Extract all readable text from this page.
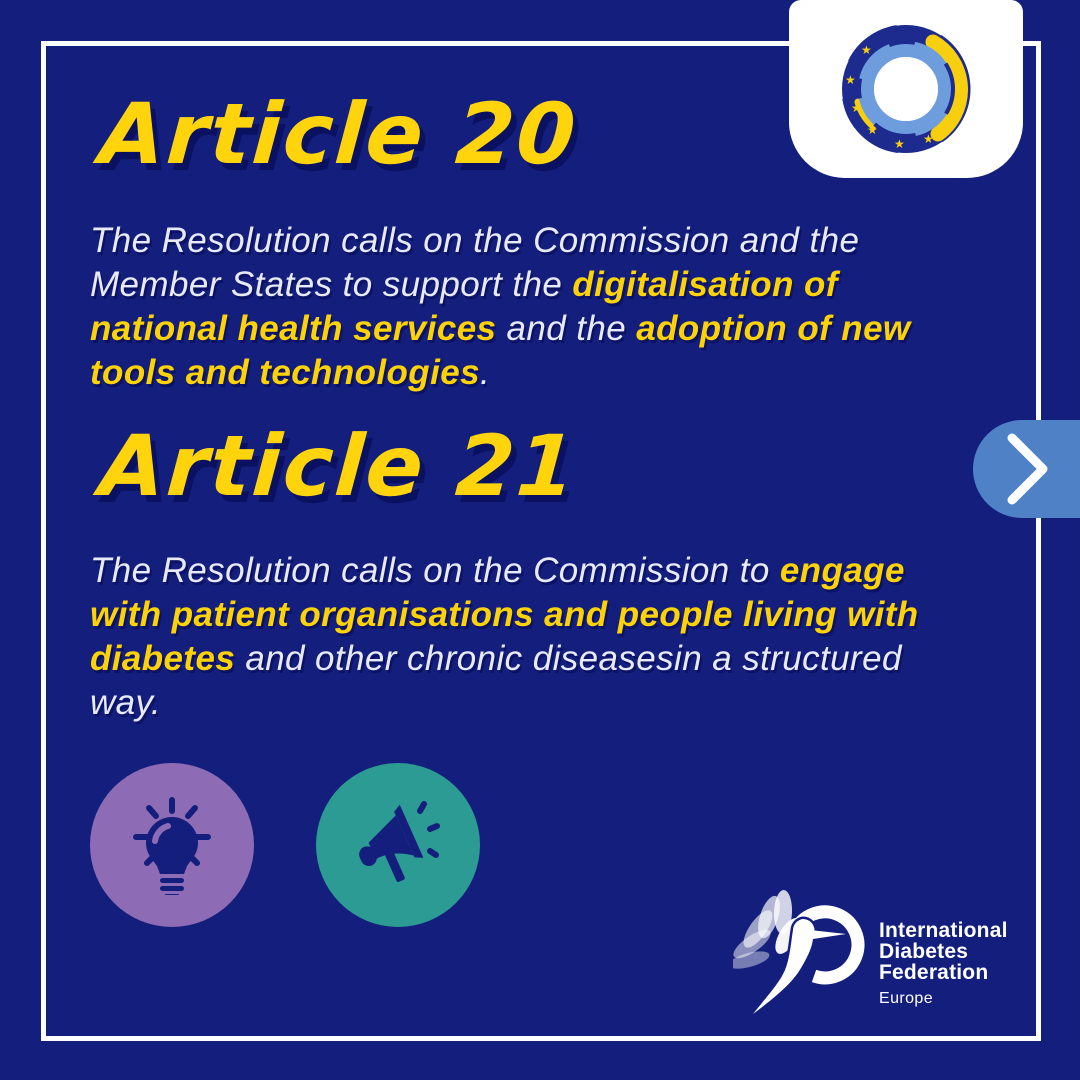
★
★
★
★
★ ★
Article 20

The Resolution calls on the Commission and the
Member States to support the digitalisation of
national health services and the adoption of new
tools and technologies.

Article 21

The Resolution calls on the Commission to engage
with patient organisations and people living with
diabetes and other chronic diseasesin a structured
way.

International
Diabetes
Federation
Europe
